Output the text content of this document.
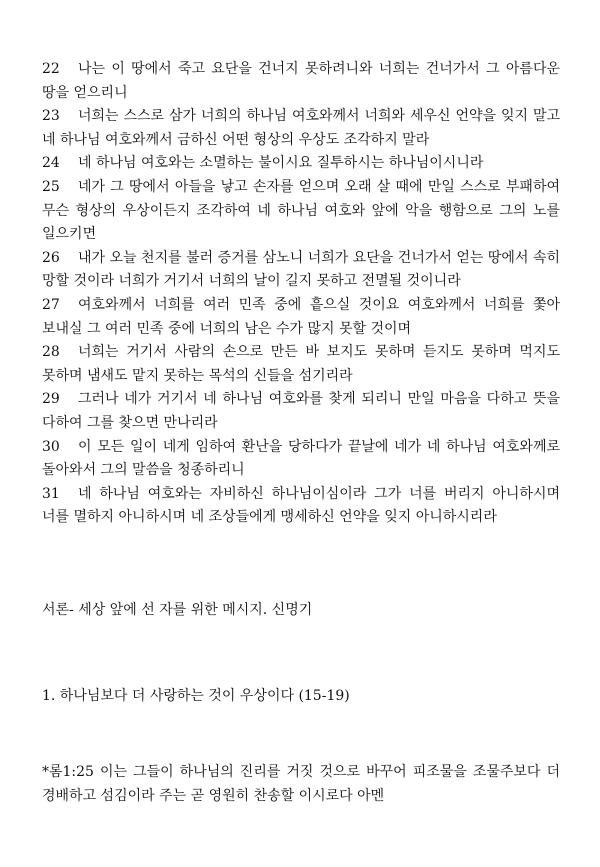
22 나는 이 땅에서 죽고 요단을 건너지 못하려니와 너희는 건너가서 그 아름다운 땅을 얻으리니

23 너희는 스스로 삼가 너희의 하나님 여호와께서 너희와 세우신 언약을 잊지 말고 네 하나님 여호와께서 금하신 어떤 형상의 우상도 조각하지 말라

24 네 하나님 여호와는 소멸하는 불이시요 질투하시는 하나님이시니라

25 네가 그 땅에서 아들을 낳고 손자를 얻으며 오래 살 때에 만일 스스로 부패하여 무슨 형상의 우상이든지 조각하여 네 하나님 여호와 앞에 악을 행함으로 그의 노를 일으키면

26 내가 오늘 천지를 불러 증거를 삼노니 너희가 요단을 건너가서 얻는 땅에서 속히 망할 것이라 너희가 거기서 너희의 날이 길지 못하고 전멸될 것이니라

27 여호와께서 너희를 여러 민족 중에 흩으실 것이요 여호와께서 너희를 쫓아 보내실 그 여러 민족 중에 너희의 남은 수가 많지 못할 것이며

28 너희는 거기서 사람의 손으로 만든 바 보지도 못하며 듣지도 못하며 먹지도 못하며 냄새도 맡지 못하는 목석의 신들을 섬기리라

29 그러나 네가 거기서 네 하나님 여호와를 찾게 되리니 만일 마음을 다하고 뜻을 다하여 그를 찾으면 만나리라

30 이 모든 일이 네게 임하여 환난을 당하다가 끝날에 네가 네 하나님 여호와께로 돌아와서 그의 말씀을 청종하리니

31 네 하나님 여호와는 자비하신 하나님이심이라 그가 너를 버리지 아니하시며 너를 멸하지 아니하시며 네 조상들에게 맹세하신 언약을 잊지 아니하시리라

서론- 세상 앞에 선 자를 위한 메시지. 신명기
1. 하나님보다 더 사랑하는 것이 우상이다 (15-19)

*롬1:25 이는 그들이 하나님의 진리를 거짓 것으로 바꾸어 피조물을 조물주보다 더 경배하고 섬김이라 주는 곧 영원히 찬송할 이시로다 아멘
